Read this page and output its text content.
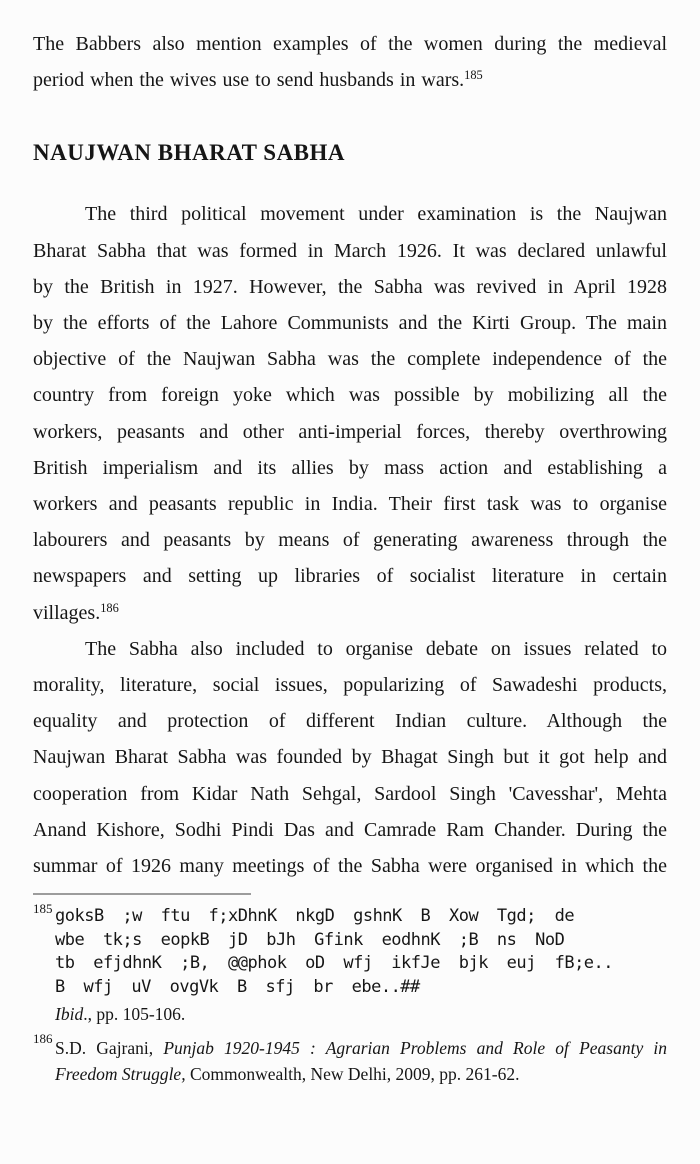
The Babbers also mention examples of the women during the medieval
period when the wives use to send husbands in wars.$^{185}$
NAUJWAN BHARAT SABHA
The third political movement under examination is the Naujwan
Bharat Sabha that was formed in March 1926. It was declared unlawful
by the British in 1927. However, the Sabha was revived in April 1928
by the efforts of the Lahore Communists and the Kirti Group. The main
objective of the Naujwan Sabha was the complete independence of the
country from foreign yoke which was possible by mobilizing all the
workers, peasants and other anti-imperial forces, thereby overthrowing
British imperialism and its allies by mass action and establishing a
workers and peasants republic in India. Their first task was to organise
labourers and peasants by means of generating awareness through the
newspapers and setting up libraries of socialist literature in certain
villages.$^{186}$
The Sabha also included to organise debate on issues related to
morality, literature, social issues, popularizing of Sawadeshi products,
equality and protection of different Indian culture. Although the
Naujwan Bharat Sabha was founded by Bhagat Singh but it got help and
cooperation from Kidar Nath Sehgal, Sardool Singh 'Cavesshar', Mehta
Anand Kishore, Sodhi Pindi Das and Camrade Ram Chander. During the
summar of 1926 many meetings of the Sabha were organised in which the
185 goksB ;w ftu f;xDhnK nkgD gshnK B Xow Tgd; de
wbe tk;s eopkB jD bJh Gfink eodhnK ;B ns NoD
tb efjdhnK ;B, @@phok oD wfj ikfJe bjk euj fB;e..
B wfj uV ovgVk B sfj br ebe..##
Ibid., pp. 105-106.
186 S.D. Gajrani, Punjab 1920-1945 : Agrarian Problems and Role of Peasanty in
Freedom Struggle, Commonwealth, New Delhi, 2009, pp. 261-62.
